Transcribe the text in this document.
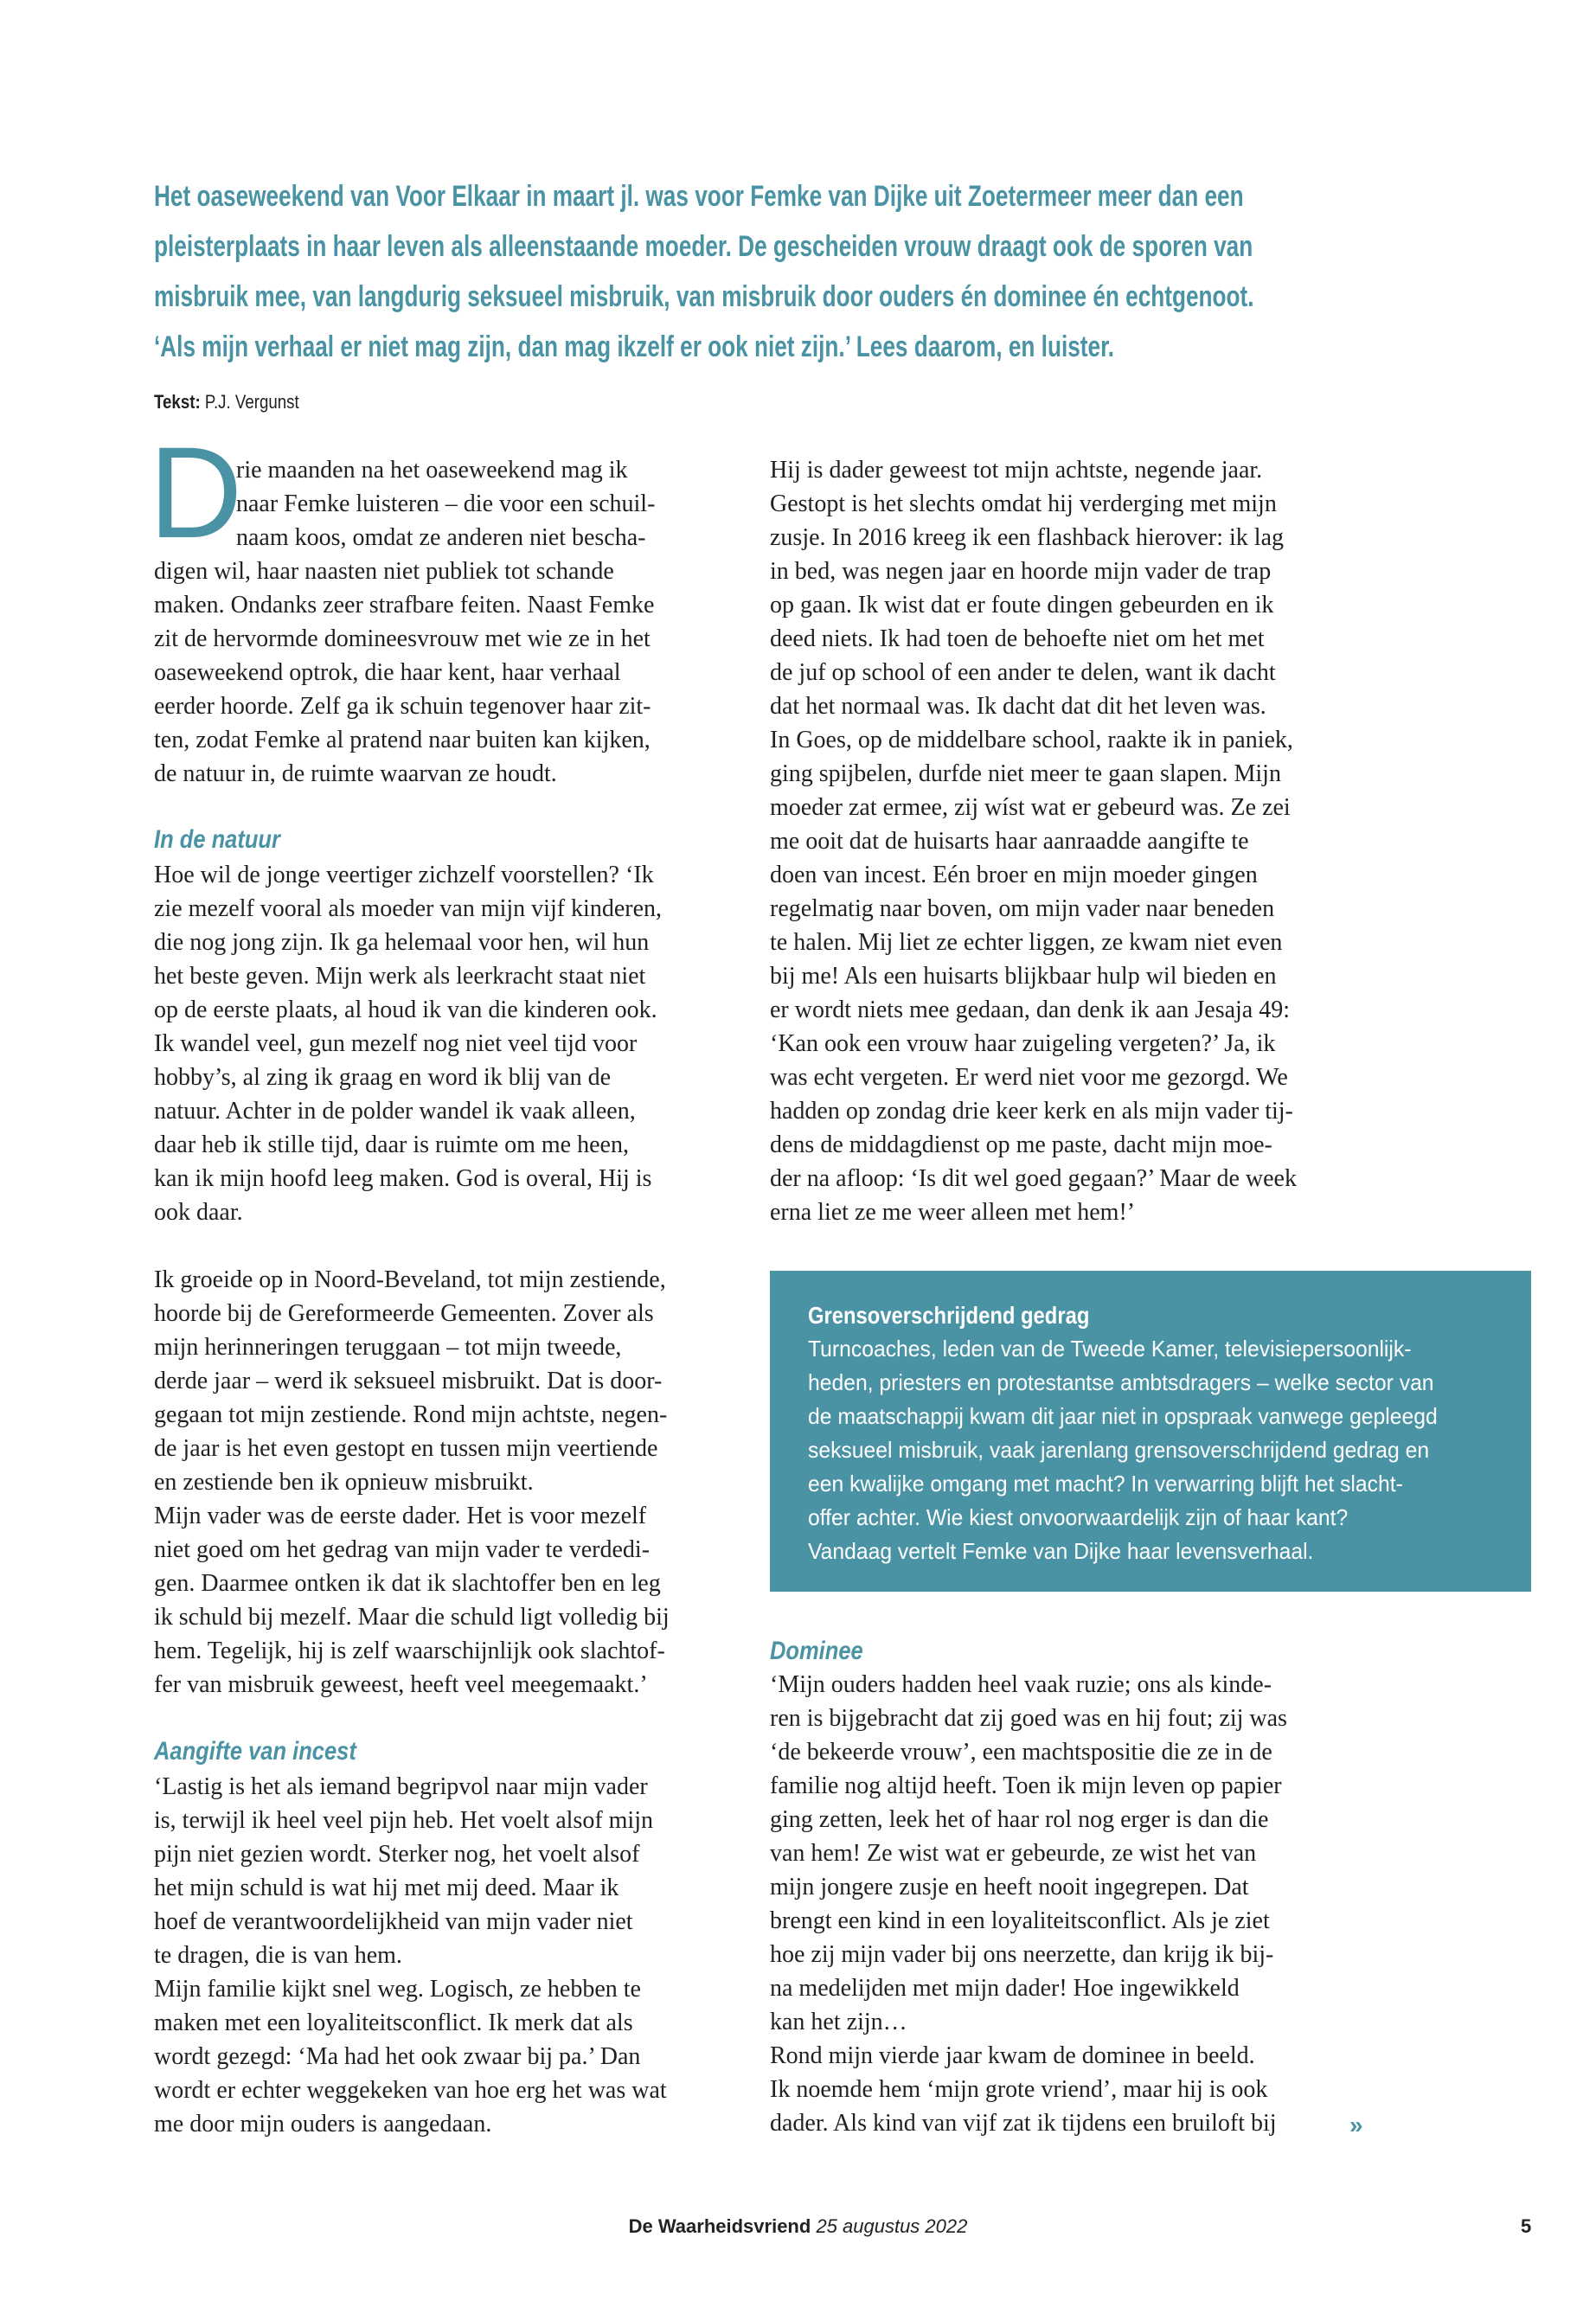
Het oaseweekend van Voor Elkaar in maart jl. was voor Femke van Dijke uit Zoetermeer meer dan een
pleisterplaats in haar leven als alleenstaande moeder. De gescheiden vrouw draagt ook de sporen van
misbruik mee, van langdurig seksueel misbruik, van misbruik door ouders én dominee én echtgenoot.
‘Als mijn verhaal er niet mag zijn, dan mag ikzelf er ook niet zijn.’ Lees daarom, en luister.
Tekst: P.J. Vergunst
D
rie maanden na het oaseweekend mag ik
naar Femke luisteren – die voor een schuil-
naam koos, omdat ze anderen niet bescha-
digen wil, haar naasten niet publiek tot schande
maken. Ondanks zeer strafbare feiten. Naast Femke
zit de hervormde domineesvrouw met wie ze in het
oaseweekend optrok, die haar kent, haar verhaal
eerder hoorde. Zelf ga ik schuin tegenover haar zit-
ten, zodat Femke al pratend naar buiten kan kijken,
de natuur in, de ruimte waarvan ze houdt.
In de natuur
Hoe wil de jonge veertiger zichzelf voorstellen? ‘Ik
zie mezelf vooral als moeder van mijn vijf kinderen,
die nog jong zijn. Ik ga helemaal voor hen, wil hun
het beste geven. Mijn werk als leerkracht staat niet
op de eerste plaats, al houd ik van die kinderen ook.
Ik wandel veel, gun mezelf nog niet veel tijd voor
hobby’s, al zing ik graag en word ik blij van de
natuur. Achter in de polder wandel ik vaak alleen,
daar heb ik stille tijd, daar is ruimte om me heen,
kan ik mijn hoofd leeg maken. God is overal, Hij is
ook daar.
Ik groeide op in Noord-Beveland, tot mijn zestiende,
hoorde bij de Gereformeerde Gemeenten. Zover als
mijn herinneringen teruggaan – tot mijn tweede,
derde jaar – werd ik seksueel misbruikt. Dat is door-
gegaan tot mijn zestiende. Rond mijn achtste, negen-
de jaar is het even gestopt en tussen mijn veertiende
en zestiende ben ik opnieuw misbruikt.
Mijn vader was de eerste dader. Het is voor mezelf
niet goed om het gedrag van mijn vader te verdedi-
gen. Daarmee ontken ik dat ik slachtoffer ben en leg
ik schuld bij mezelf. Maar die schuld ligt volledig bij
hem. Tegelijk, hij is zelf waarschijnlijk ook slachtof-
fer van misbruik geweest, heeft veel meegemaakt.’
Aangifte van incest
‘Lastig is het als iemand begripvol naar mijn vader
is, terwijl ik heel veel pijn heb. Het voelt alsof mijn
pijn niet gezien wordt. Sterker nog, het voelt alsof
het mijn schuld is wat hij met mij deed. Maar ik
hoef de verantwoordelijkheid van mijn vader niet
te dragen, die is van hem.
Mijn familie kijkt snel weg. Logisch, ze hebben te
maken met een loyaliteitsconflict. Ik merk dat als
wordt gezegd: ‘Ma had het ook zwaar bij pa.’ Dan
wordt er echter weggekeken van hoe erg het was wat
me door mijn ouders is aangedaan.
Hij is dader geweest tot mijn achtste, negende jaar.
Gestopt is het slechts omdat hij verderging met mijn
zusje. In 2016 kreeg ik een flashback hierover: ik lag
in bed, was negen jaar en hoorde mijn vader de trap
op gaan. Ik wist dat er foute dingen gebeurden en ik
deed niets. Ik had toen de behoefte niet om het met
de juf op school of een ander te delen, want ik dacht
dat het normaal was. Ik dacht dat dit het leven was.
In Goes, op de middelbare school, raakte ik in paniek,
ging spijbelen, durfde niet meer te gaan slapen. Mijn
moeder zat ermee, zij wíst wat er gebeurd was. Ze zei
me ooit dat de huisarts haar aanraadde aangifte te
doen van incest. Eén broer en mijn moeder gingen
regelmatig naar boven, om mijn vader naar beneden
te halen. Mij liet ze echter liggen, ze kwam niet even
bij me! Als een huisarts blijkbaar hulp wil bieden en
er wordt niets mee gedaan, dan denk ik aan Jesaja 49:
‘Kan ook een vrouw haar zuigeling vergeten?’ Ja, ik
was echt vergeten. Er werd niet voor me gezorgd. We
hadden op zondag drie keer kerk en als mijn vader tij-
dens de middagdienst op me paste, dacht mijn moe-
der na afloop: ‘Is dit wel goed gegaan?’ Maar de week
erna liet ze me weer alleen met hem!’
Grensoverschrijdend gedrag
Turncoaches, leden van de Tweede Kamer, televisiepersoonlijk-
heden, priesters en protestantse ambtsdragers – welke sector van
de maatschappij kwam dit jaar niet in opspraak vanwege gepleegd
seksueel misbruik, vaak jarenlang grensoverschrijdend gedrag en
een kwalijke omgang met macht? In verwarring blijft het slacht-
offer achter. Wie kiest onvoorwaardelijk zijn of haar kant?
Vandaag vertelt Femke van Dijke haar levensverhaal.
Dominee
‘Mijn ouders hadden heel vaak ruzie; ons als kinde-
ren is bijgebracht dat zij goed was en hij fout; zij was
‘de bekeerde vrouw’, een machtspositie die ze in de
familie nog altijd heeft. Toen ik mijn leven op papier
ging zetten, leek het of haar rol nog erger is dan die
van hem! Ze wist wat er gebeurde, ze wist het van
mijn jongere zusje en heeft nooit ingegrepen. Dat
brengt een kind in een loyaliteitsconflict. Als je ziet
hoe zij mijn vader bij ons neerzette, dan krijg ik bij-
na medelijden met mijn dader! Hoe ingewikkeld
kan het zijn…
Rond mijn vierde jaar kwam de dominee in beeld.
Ik noemde hem ‘mijn grote vriend’, maar hij is ook
dader. Als kind van vijf zat ik tijdens een bruiloft bij	»
De Waarheidsvriend 25 augustus 2022	5
